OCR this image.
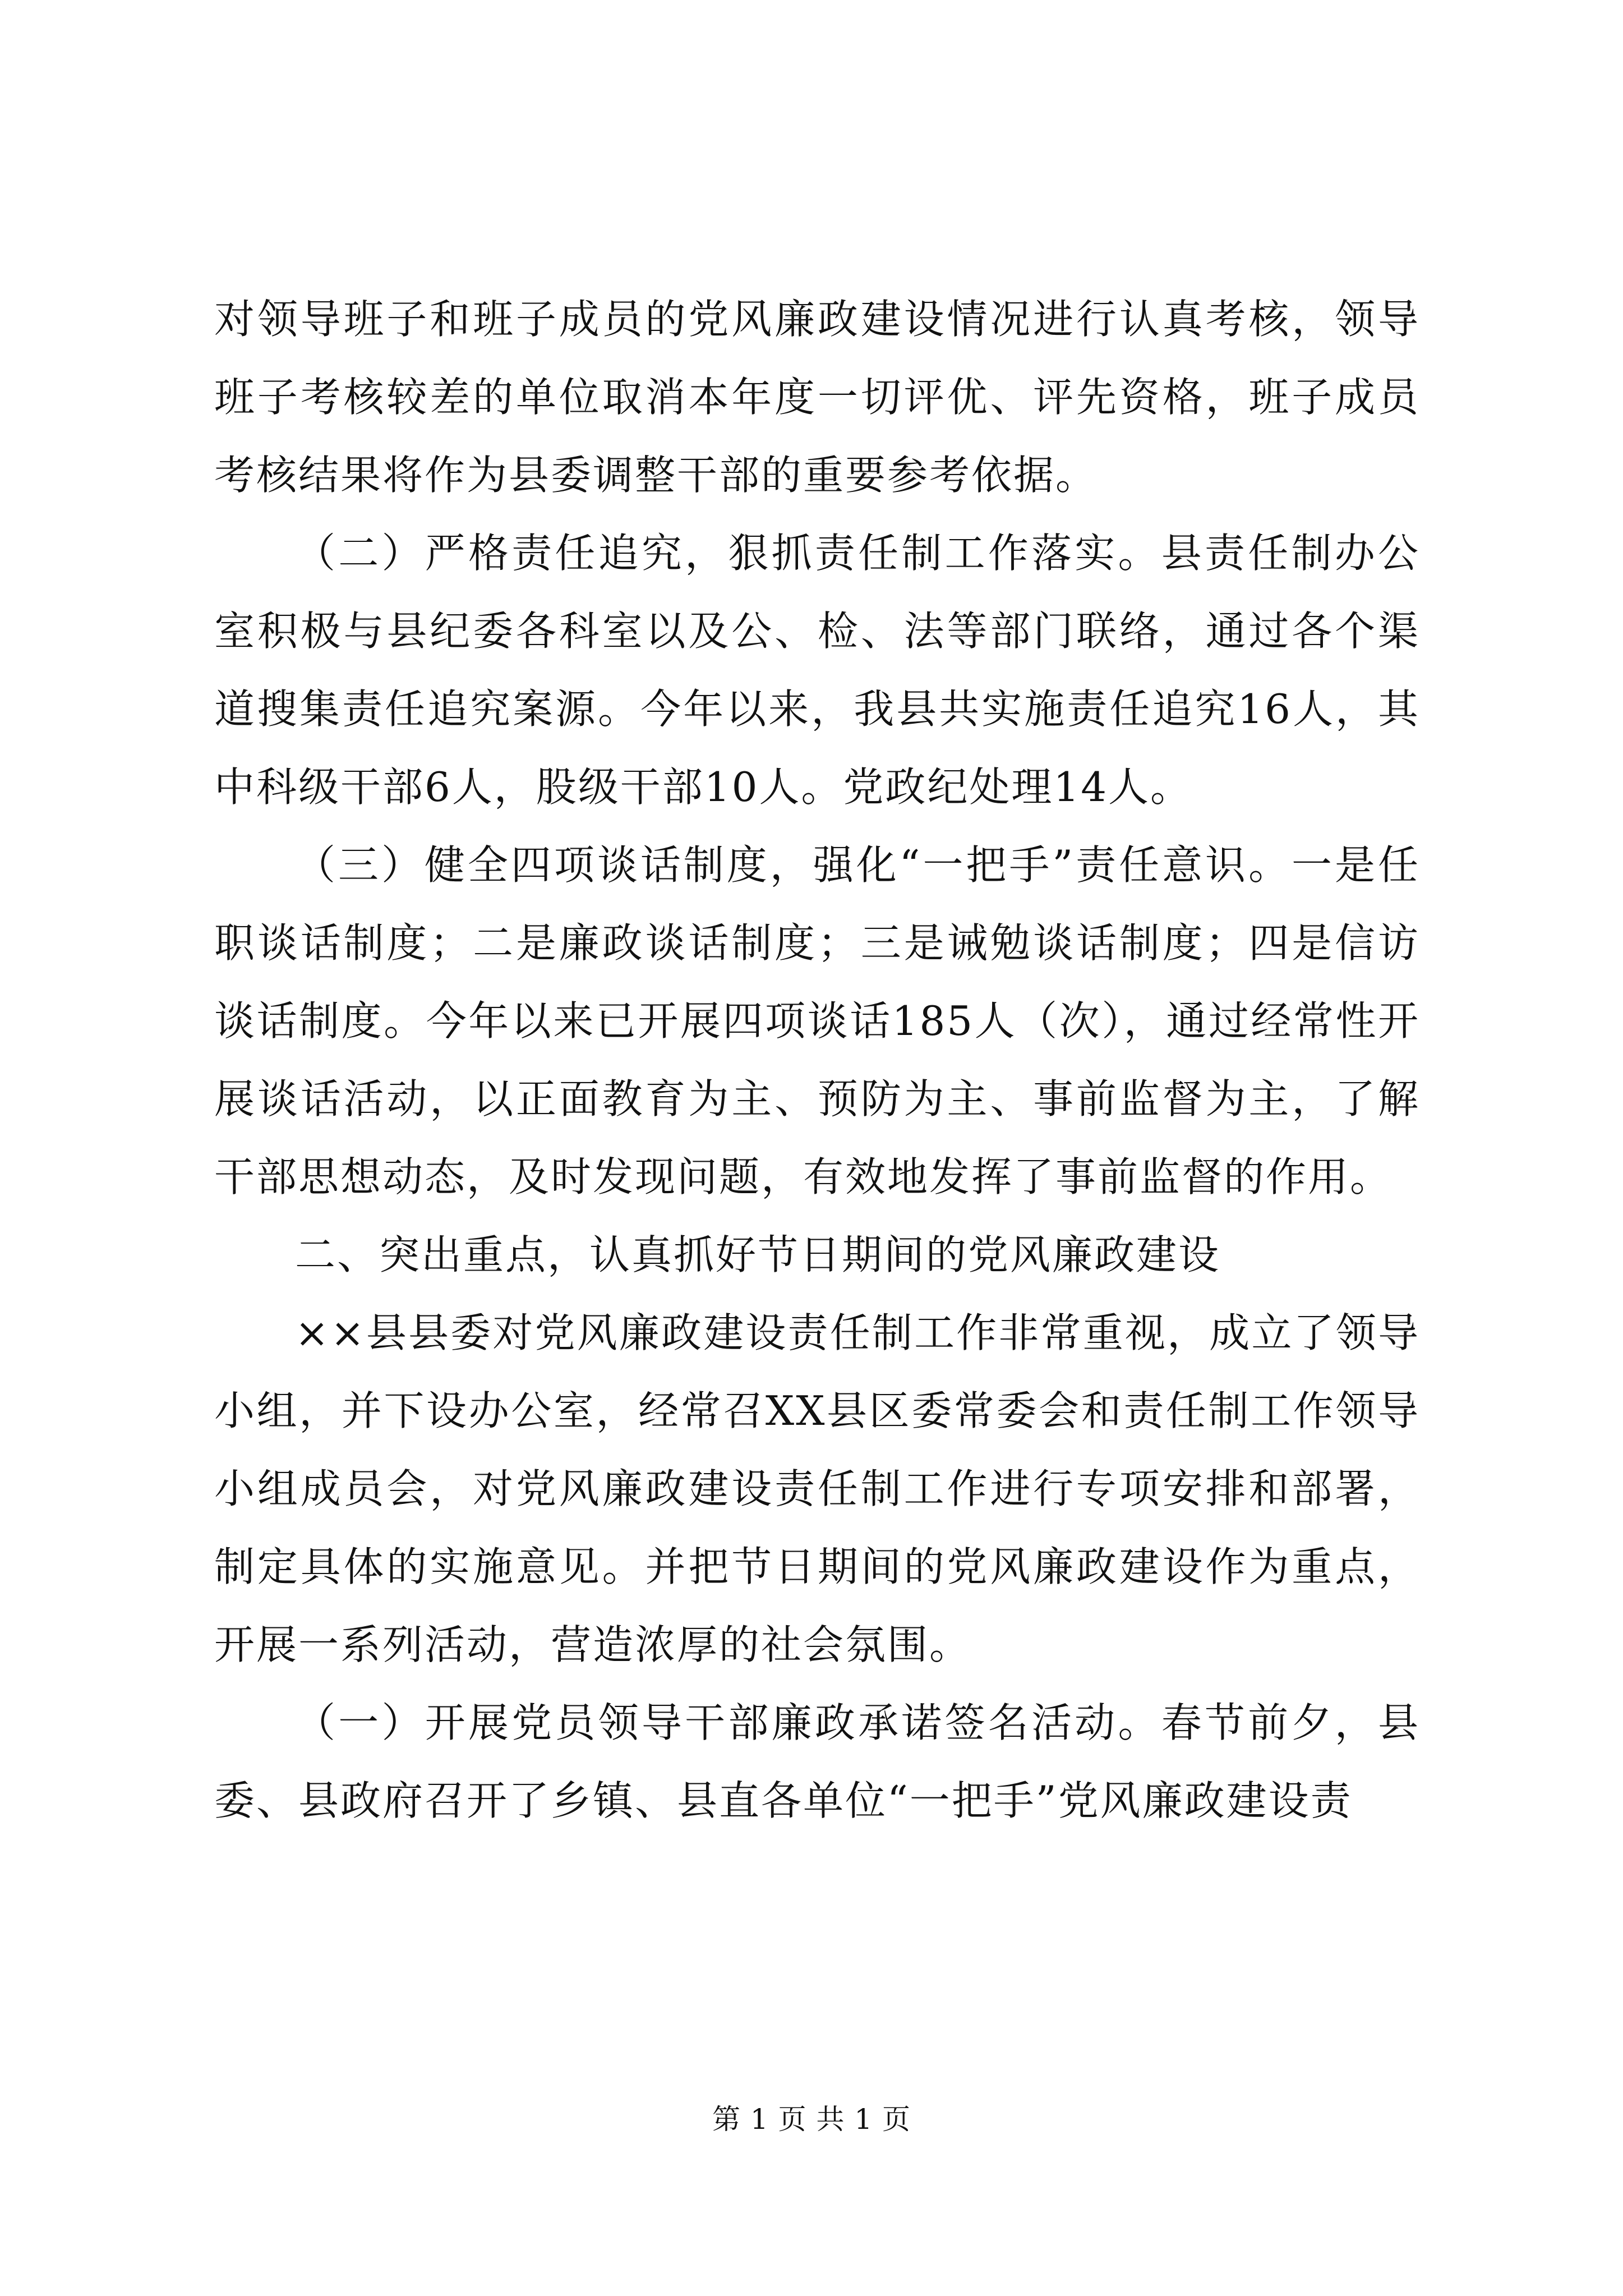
对领导班子和班子成员的党风廉政建设情况进行认真考核，领导班子考核较差的单位取消本年度一切评优、评先资格，班子成员考核结果将作为县委调整干部的重要参考依据。

（二）严格责任追究，狠抓责任制工作落实。县责任制办公室积极与县纪委各科室以及公、检、法等部门联络，通过各个渠道搜集责任追究案源。今年以来，我县共实施责任追究16人，其中科级干部6人，股级干部10人。党政纪处理14人。

（三）健全四项谈话制度，强化“一把手”责任意识。一是任职谈话制度；二是廉政谈话制度；三是诫勉谈话制度；四是信访谈话制度。今年以来已开展四项谈话185人（次），通过经常性开展谈话活动，以正面教育为主、预防为主、事前监督为主，了解干部思想动态，及时发现问题，有效地发挥了事前监督的作用。

二、突出重点，认真抓好节日期间的党风廉政建设

××县县委对党风廉政建设责任制工作非常重视，成立了领导小组，并下设办公室，经常召XX县区委常委会和责任制工作领导小组成员会，对党风廉政建设责任制工作进行专项安排和部署，制定具体的实施意见。并把节日期间的党风廉政建设作为重点，开展一系列活动，营造浓厚的社会氛围。

（一）开展党员领导干部廉政承诺签名活动。春节前夕，县委、县政府召开了乡镇、县直各单位“一把手”党风廉政建设责

第 1 页 共 1 页
